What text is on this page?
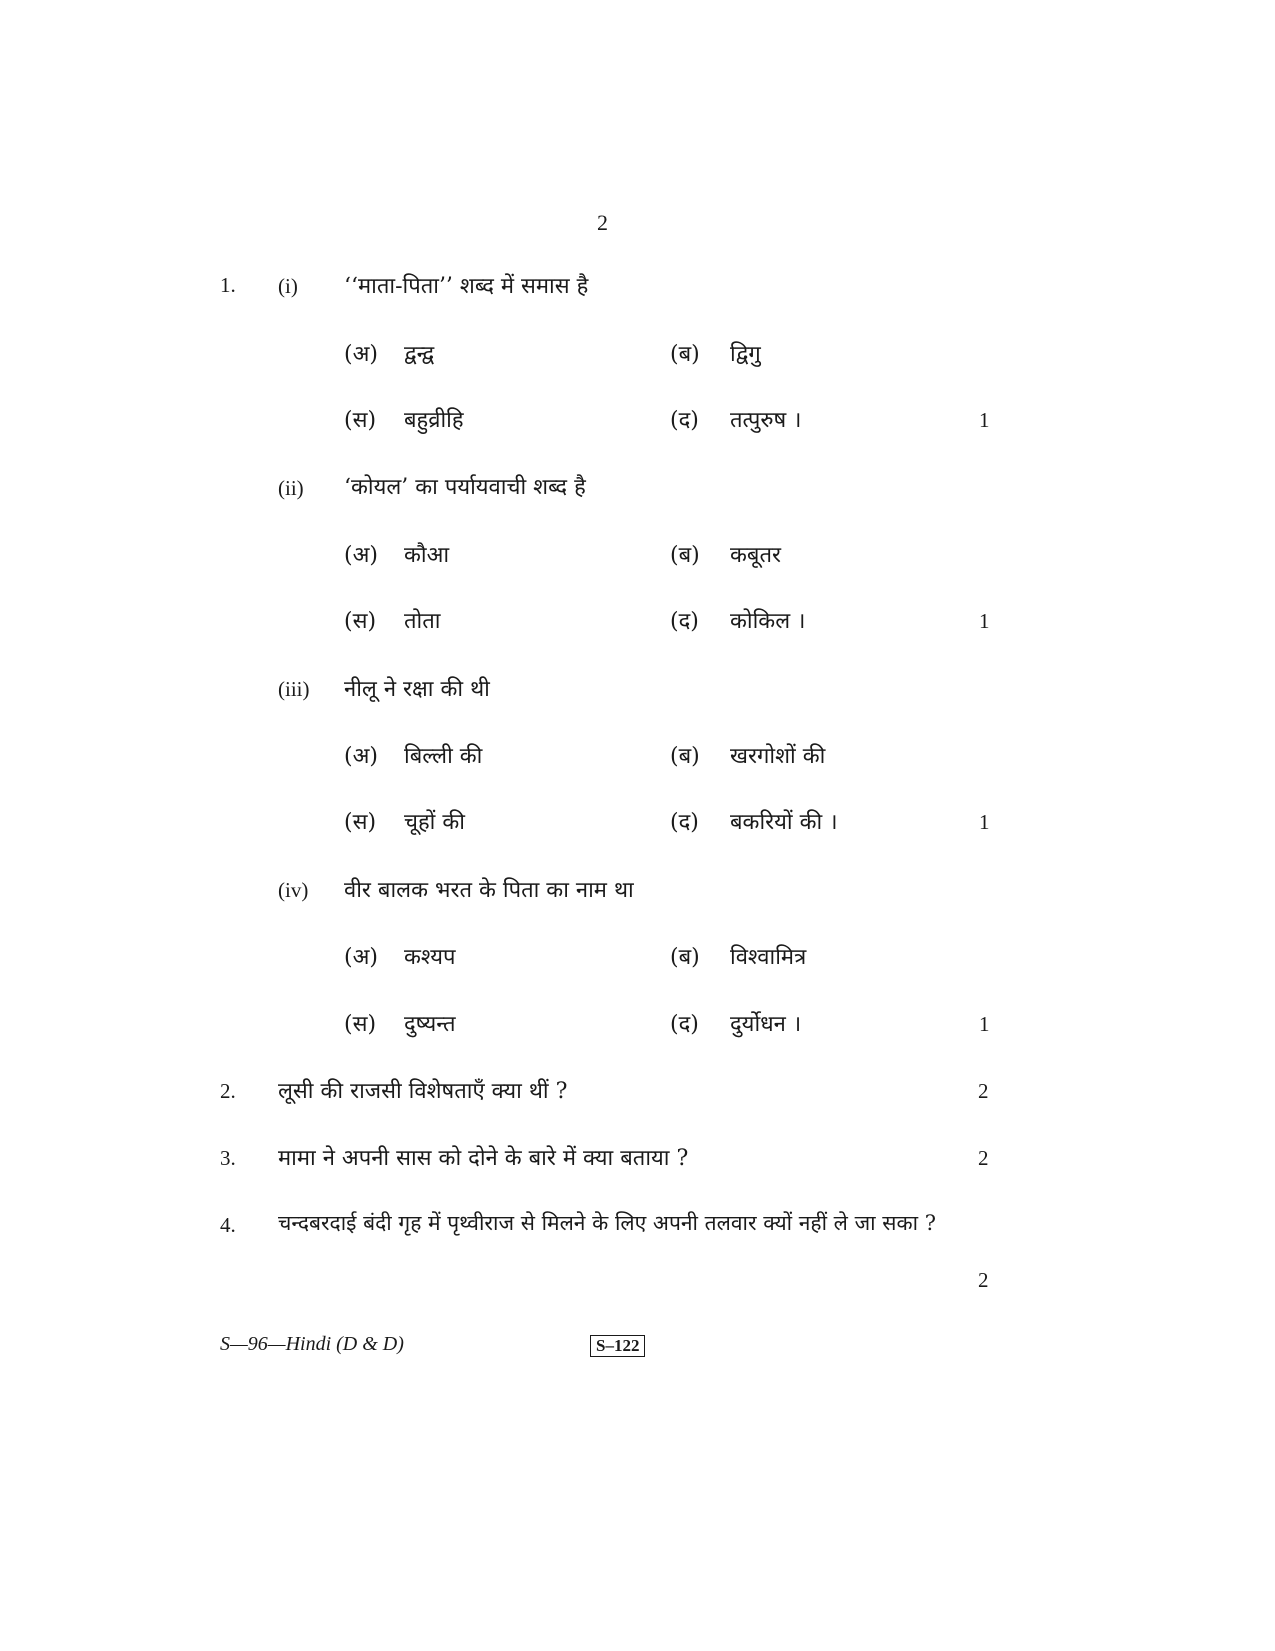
2
1. (i) ‘‘माता-पिता’’ शब्द में समास है
(अ) द्वन्द्व	(ब) द्विगु
(स) बहुव्रीहि	(द) तत्पुरुष ।	1
(ii) ‘कोयल’ का पर्यायवाची शब्द है
(अ) कौआ	(ब) कबूतर
(स) तोता	(द) कोकिल ।	1
(iii) नीलू ने रक्षा की थी
(अ) बिल्ली की	(ब) खरगोशों की
(स) चूहों की	(द) बकरियों की ।	1
(iv) वीर बालक भरत के पिता का नाम था
(अ) कश्यप	(ब) विश्वामित्र
(स) दुष्यन्त	(द) दुर्योधन ।	1
2. लूसी की राजसी विशेषताएँ क्या थीं ?	2
3. मामा ने अपनी सास को दोने के बारे में क्या बताया ?	2
4. चन्दबरदाई बंदी गृह में पृथ्वीराज से मिलने के लिए अपनी तलवार क्यों नहीं ले जा सका ?
2
S—96—Hindi (D & D)	S–122
